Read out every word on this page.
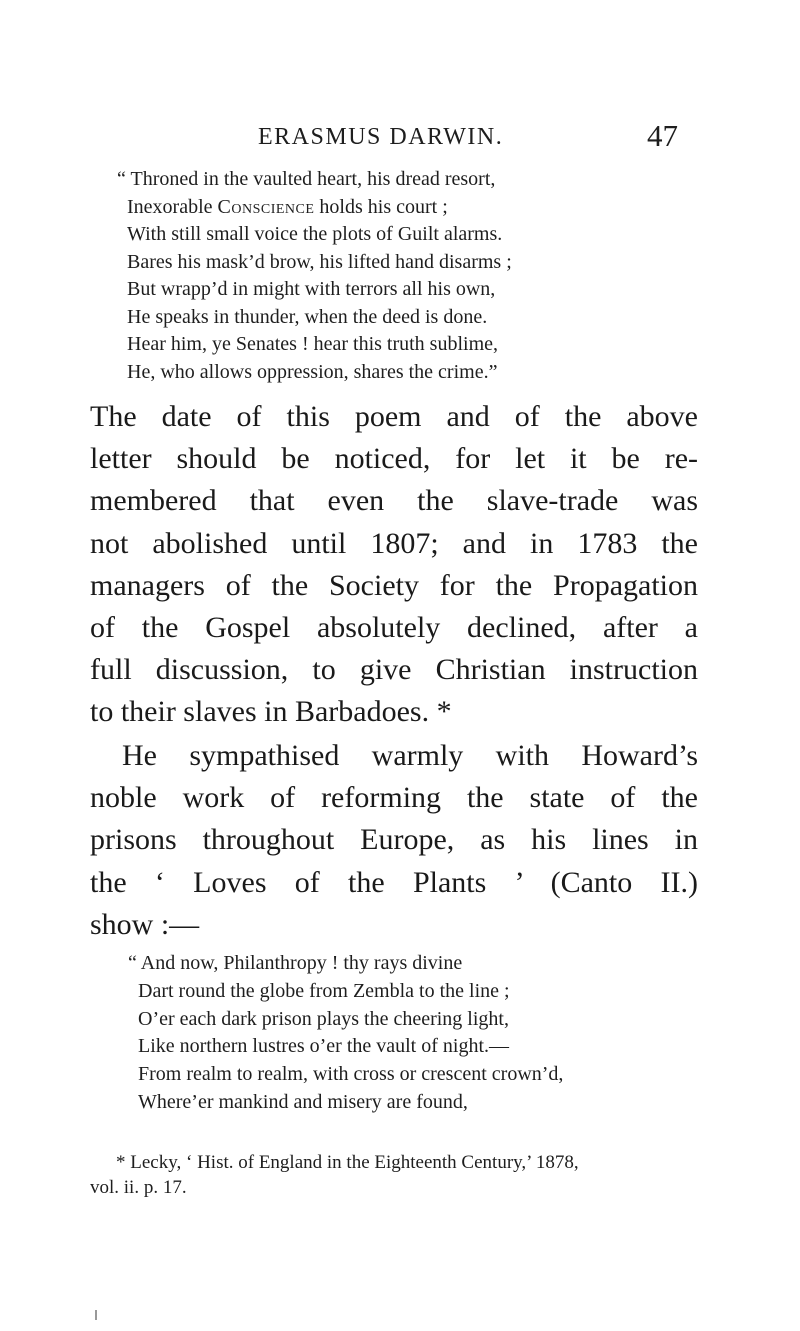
ERASMUS DARWIN.	47
“ Throned in the vaulted heart, his dread resort,
Inexorable Conscience holds his court ;
With still small voice the plots of Guilt alarms.
Bares his mask’d brow, his lifted hand disarms ;
But wrapp’d in might with terrors all his own,
He speaks in thunder, when the deed is done.
Hear him, ye Senates ! hear this truth sublime,
He, who allows oppression, shares the crime.”
The date of this poem and of the above
letter should be noticed, for let it be re-
membered that even the slave-trade was
not abolished until 1807; and in 1783 the
managers of the Society for the Propagation
of the Gospel absolutely declined, after a
full discussion, to give Christian instruction
to their slaves in Barbadoes. *
He sympathised warmly with Howard’s
noble work of reforming the state of the
prisons throughout Europe, as his lines in
the ‘ Loves of the Plants ’ (Canto II.)
show :—
“ And now, Philanthropy ! thy rays divine
Dart round the globe from Zembla to the line ;
O’er each dark prison plays the cheering light,
Like northern lustres o’er the vault of night.—
From realm to realm, with cross or crescent crown’d,
Where’er mankind and misery are found,
* Lecky, ‘ Hist. of England in the Eighteenth Century,’ 1878,
vol. ii. p. 17.
